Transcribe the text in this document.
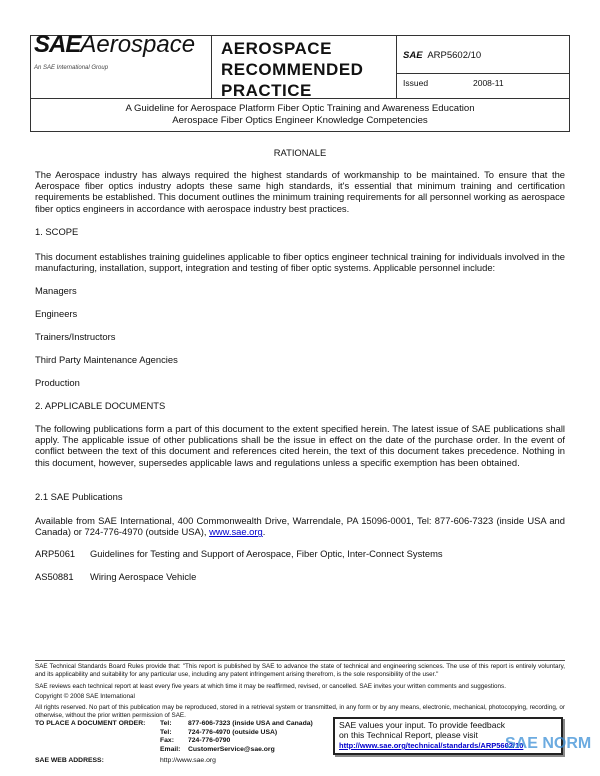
SAEAerospace
An SAE International Group
AEROSPACE
RECOMMENDED
PRACTICE
SAE ARP5602/10
Issued	2008-11
A Guideline for Aerospace Platform Fiber Optic Training and Awareness Education
Aerospace Fiber Optics Engineer Knowledge Competencies
RATIONALE
The Aerospace industry has always required the highest standards of workmanship to be maintained. To ensure that the Aerospace fiber optics industry adopts these same high standards, it's essential that minimum training and certification requirements be established. This document outlines the minimum training requirements for all personnel working as aerospace fiber optics engineers in accordance with aerospace industry best practices.
1. SCOPE
This document establishes training guidelines applicable to fiber optics engineer technical training for individuals involved in the manufacturing, installation, support, integration and testing of fiber optic systems. Applicable personnel include:
Managers
Engineers
Trainers/Instructors
Third Party Maintenance Agencies
Production
2. APPLICABLE DOCUMENTS
The following publications form a part of this document to the extent specified herein. The latest issue of SAE publications shall apply. The applicable issue of other publications shall be the issue in effect on the date of the purchase order. In the event of conflict between the text of this document and references cited herein, the text of this document takes precedence. Nothing in this document, however, supersedes applicable laws and regulations unless a specific exemption has been obtained.
2.1 SAE Publications
Available from SAE International, 400 Commonwealth Drive, Warrendale, PA 15096-0001, Tel: 877-606-7323 (inside USA and Canada) or 724-776-4970 (outside USA), www.sae.org.
ARP5061 Guidelines for Testing and Support of Aerospace, Fiber Optic, Inter-Connect Systems
AS50881 Wiring Aerospace Vehicle
SAE Technical Standards Board Rules provide that: "This report is published by SAE to advance the state of technical and engineering sciences. The use of this report is entirely voluntary, and its applicability and suitability for any particular use, including any patent infringement arising therefrom, is the sole responsibility of the user."
SAE reviews each technical report at least every five years at which time it may be reaffirmed, revised, or cancelled. SAE invites your written comments and suggestions.
Copyright © 2008 SAE International
All rights reserved. No part of this publication may be reproduced, stored in a retrieval system or transmitted, in any form or by any means, electronic, mechanical, photocopying, recording, or otherwise, without the prior written permission of SAE.
TO PLACE A DOCUMENT ORDER: Tel: 877-606-7323 (inside USA and Canada)
Tel: 724-776-4970 (outside USA)
Fax: 724-776-0790
Email: CustomerService@sae.org
SAE WEB ADDRESS:	http://www.sae.org
SAE values your input. To provide feedback
on this Technical Report, please visit
http://www.sae.org/technical/standards/ARP5602/10
SAE NORM
